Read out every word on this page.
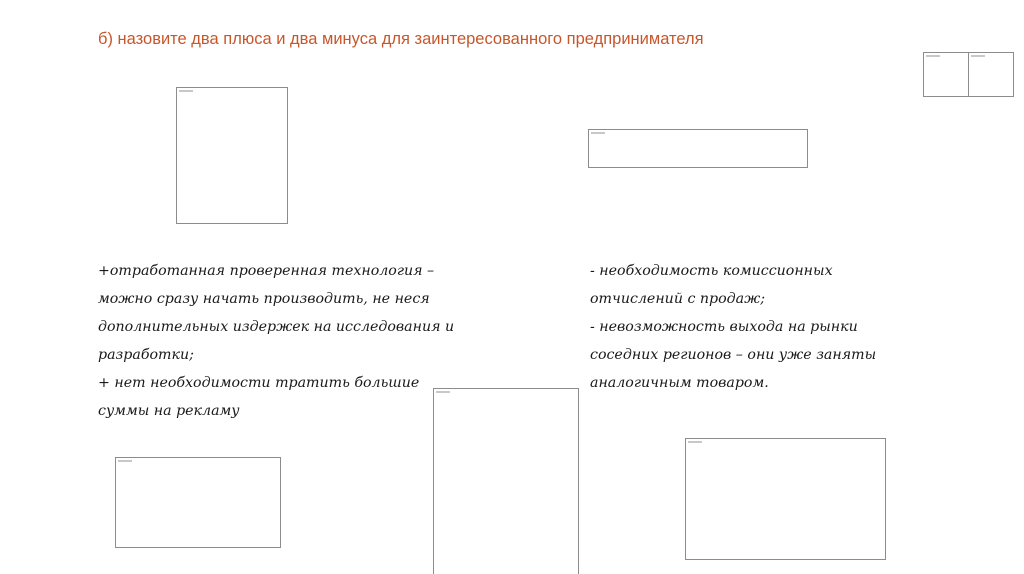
б) назовите два плюса и два минуса для заинтересованного предпринимателя
+отработанная проверенная технология –
можно сразу начать производить, не неся
дополнительных издержек на исследования и
разработки;
+ нет необходимости тратить большие
суммы на рекламу
- необходимость комиссионных
отчислений с продаж;
- невозможность выхода на рынки
соседних регионов – они уже заняты
аналогичным товаром.
